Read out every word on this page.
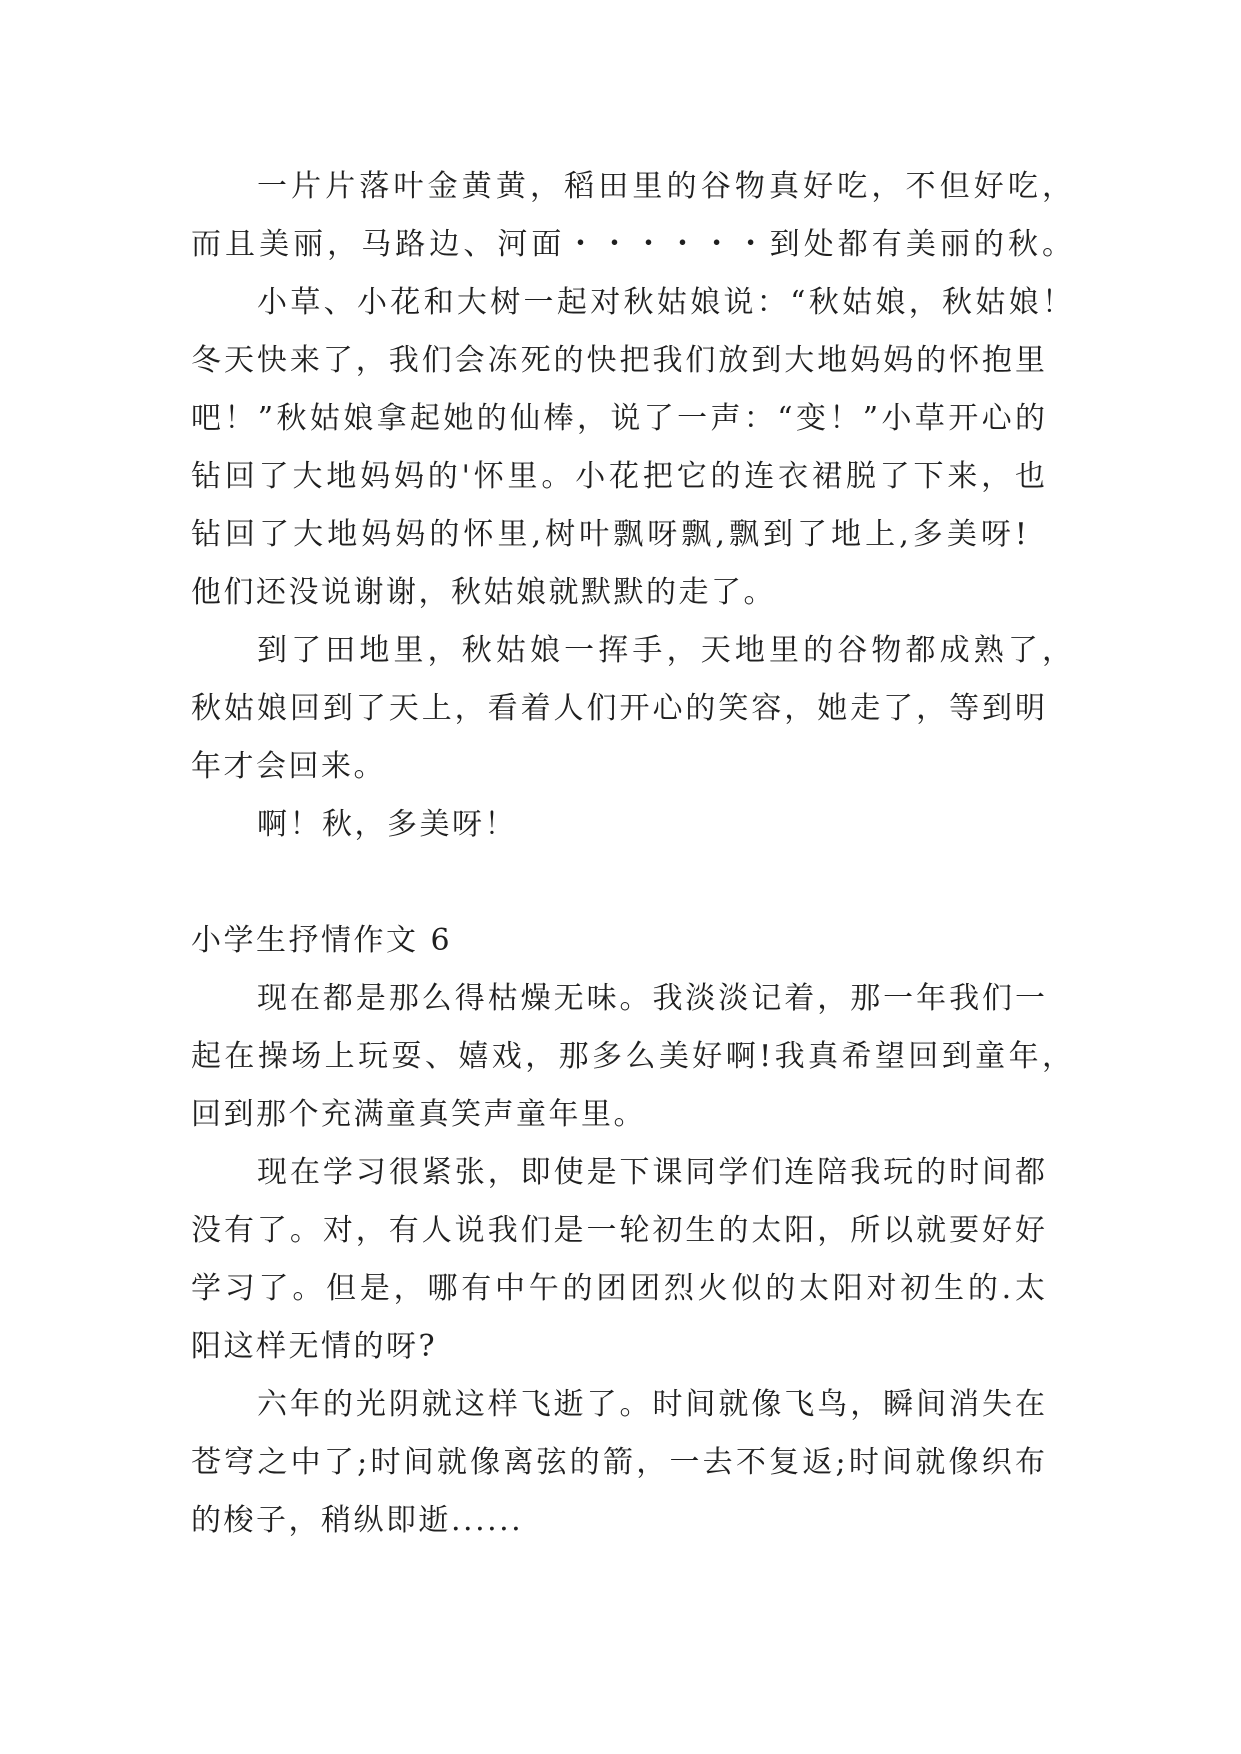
一片片落叶金黄黄，稻田里的谷物真好吃，不但好吃，
而且美丽，马路边、河面・・・・・・到处都有美丽的秋。
小草、小花和大树一起对秋姑娘说：“秋姑娘，秋姑娘！
冬天快来了，我们会冻死的快把我们放到大地妈妈的怀抱里
吧！”秋姑娘拿起她的仙棒，说了一声：“变！”小草开心的
钻回了大地妈妈的'怀里。小花把它的连衣裙脱了下来，也
钻回了大地妈妈的怀里,树叶飘呀飘,飘到了地上,多美呀!
他们还没说谢谢，秋姑娘就默默的走了。
到了田地里，秋姑娘一挥手，天地里的谷物都成熟了，
秋姑娘回到了天上，看着人们开心的笑容，她走了，等到明
年才会回来。
啊！秋，多美呀！
小学生抒情作文 6
现在都是那么得枯燥无味。我淡淡记着，那一年我们一
起在操场上玩耍、嬉戏，那多么美好啊!我真希望回到童年，
回到那个充满童真笑声童年里。
现在学习很紧张，即使是下课同学们连陪我玩的时间都
没有了。对，有人说我们是一轮初生的太阳，所以就要好好
学习了。但是，哪有中午的团团烈火似的太阳对初生的.太
阳这样无情的呀?
六年的光阴就这样飞逝了。时间就像飞鸟，瞬间消失在
苍穹之中了;时间就像离弦的箭，一去不复返;时间就像织布
的梭子，稍纵即逝......
